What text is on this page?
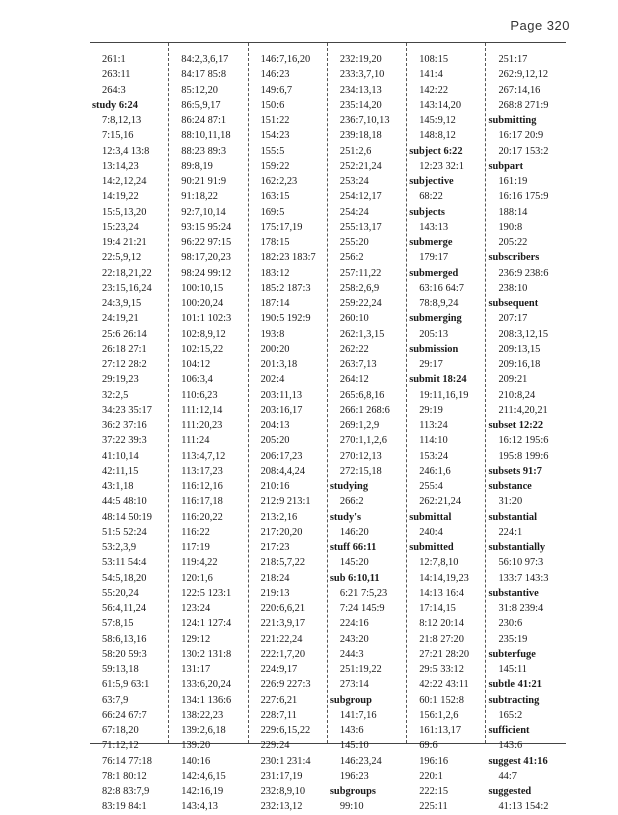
Page 320
261:1
263:11
264:3
study 6:24
7:8,12,13
7:15,16
12:3,4 13:8
13:14,23
14:2,12,24
14:19,22
15:5,13,20
15:23,24
19:4 21:21
22:5,9,12
22:18,21,22
23:15,16,24
24:3,9,15
24:19,21
25:6 26:14
26:18 27:1
27:12 28:2
29:19,23
32:2,5
34:23 35:17
36:2 37:16
37:22 39:3
41:10,14
42:11,15
43:1,18
44:5 48:10
48:14 50:19
51:5 52:24
53:2,3,9
53:11 54:4
54:5,18,20
55:20,24
56:4,11,24
57:8,15
58:6,13,16
58:20 59:3
59:13,18
61:5,9 63:1
63:7,9
66:24 67:7
67:18,20
71:12,12
76:14 77:18
78:1 80:12
82:8 83:7,9
83:19 84:1
84:2,3,6,17
84:17 85:8
85:12,20
86:5,9,17
86:24 87:1
88:10,11,18
88:23 89:3
89:8,19
90:21 91:9
91:18,22
92:7,10,14
93:15 95:24
96:22 97:15
98:17,20,23
98:24 99:12
100:10,15
100:20,24
101:1 102:3
102:8,9,12
102:15,22
104:12
106:3,4
110:6,23
111:12,14
111:20,23
111:24
113:4,7,12
113:17,23
116:12,16
116:17,18
116:20,22
116:22
117:19
119:4,22
120:1,6
122:5 123:1
123:24
124:1 127:4
129:12
130:2 131:8
131:17
133:6,20,24
134:1 136:6
138:22,23
139:2,6,18
139:20
140:16
142:4,6,15
142:16,19
143:4,13
146:7,16,20
146:23
149:6,7
150:6
151:22
154:23
155:5
159:22
162:2,23
163:15
169:5
175:17,19
178:15
182:23 183:7
183:12
185:2 187:3
187:14
190:5 192:9
193:8
200:20
201:3,18
202:4
203:11,13
203:16,17
204:13
205:20
206:17,23
208:4,4,24
210:16
212:9 213:1
213:2,16
217:20,20
217:23
218:5,7,22
218:24
219:13
220:6,6,21
221:3,9,17
221:22,24
222:1,7,20
224:9,17
226:9 227:3
227:6,21
228:7,11
229:6,15,22
229:24
230:1 231:4
231:17,19
232:8,9,10
232:13,12
232:19,20
233:3,7,10
234:13,13
235:14,20
236:7,10,13
239:18,18
251:2,6
252:21,24
253:24
254:12,17
254:24
255:13,17
255:20
256:2
257:11,22
258:2,6,9
259:22,24
260:10
262:1,3,15
262:22
263:7,13
264:12
265:6,8,16
266:1 268:6
269:1,2,9
270:1,1,2,6
270:12,13
272:15,18
studying
266:2
study's
146:20
stuff 66:11
145:20
sub 6:10,11
6:21 7:5,23
7:24 145:9
224:16
243:20
244:3
251:19,22
273:14
subgroup
141:7,16
143:6
145:10
146:23,24
196:23
subgroups
99:10
108:15
141:4
142:22
143:14,20
145:9,12
148:8,12
subject 6:22
12:23 32:1
subjective
68:22
subjects
143:13
submerge
179:17
submerged
63:16 64:7
78:8,9,24
submerging
205:13
submission
29:17
submit 18:24
19:11,16,19
29:19
113:24
114:10
153:24
246:1,6
255:4
262:21,24
submittal
240:4
submitted
12:7,8,10
14:14,19,23
14:13 16:4
17:14,15
8:12 20:14
21:8 27:20
27:21 28:20
29:5 33:12
42:22 43:11
60:1 152:8
156:1,2,6
161:13,17
69:6
196:16
220:1
222:15
225:11
251:17
262:9,12,12
267:14,16
268:8 271:9
submitting
16:17 20:9
20:17 153:2
subpart
161:19
16:16 175:9
188:14
190:8
205:22
subscribers
236:9 238:6
238:10
subsequent
207:17
208:3,12,15
209:13,15
209:16,18
209:21
210:8,24
211:4,20,21
subset 12:22
16:12 195:6
195:8 199:6
subsets 91:7
substance
31:20
substantial
224:1
substantially
56:10 97:3
133:7 143:3
substantive
31:8 239:4
230:6
235:19
subterfuge
145:11
subtle 41:21
subtracting
165:2
sufficient
143:6
suggest 41:16
44:7
suggested
41:13 154:2
